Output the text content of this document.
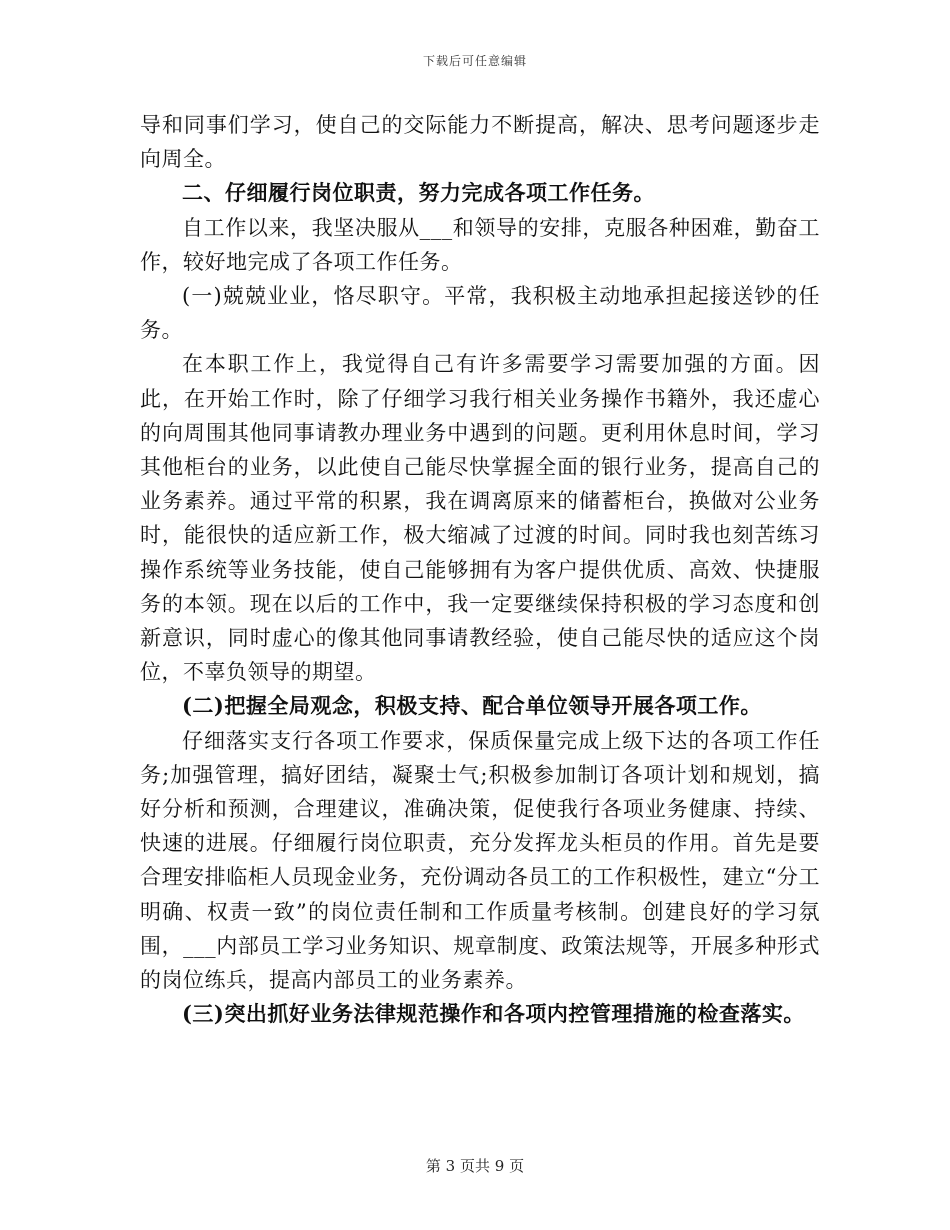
下载后可任意编辑

导和同事们学习，使自己的交际能力不断提高，解决、思考问题逐步走向周全。

二、仔细履行岗位职责，努力完成各项工作任务。

自工作以来，我坚决服从___和领导的安排，克服各种困难，勤奋工作，较好地完成了各项工作任务。

(一)兢兢业业，恪尽职守。平常，我积极主动地承担起接送钞的任务。

在本职工作上，我觉得自己有许多需要学习需要加强的方面。因此，在开始工作时，除了仔细学习我行相关业务操作书籍外，我还虚心的向周围其他同事请教办理业务中遇到的问题。更利用休息时间，学习其他柜台的业务，以此使自己能尽快掌握全面的银行业务，提高自己的业务素养。通过平常的积累，我在调离原来的储蓄柜台，换做对公业务时，能很快的适应新工作，极大缩减了过渡的时间。同时我也刻苦练习操作系统等业务技能，使自己能够拥有为客户提供优质、高效、快捷服务的本领。现在以后的工作中，我一定要继续保持积极的学习态度和创新意识，同时虚心的像其他同事请教经验，使自己能尽快的适应这个岗位，不辜负领导的期望。

(二)把握全局观念，积极支持、配合单位领导开展各项工作。

仔细落实支行各项工作要求，保质保量完成上级下达的各项工作任务;加强管理，搞好团结，凝聚士气;积极参加制订各项计划和规划，搞好分析和预测，合理建议，准确决策，促使我行各项业务健康、持续、快速的进展。仔细履行岗位职责，充分发挥龙头柜员的作用。首先是要合理安排临柜人员现金业务，充份调动各员工的工作积极性，建立“分工明确、权责一致”的岗位责任制和工作质量考核制。创建良好的学习氛围，___内部员工学习业务知识、规章制度、政策法规等，开展多种形式的岗位练兵，提高内部员工的业务素养。

(三)突出抓好业务法律规范操作和各项内控管理措施的检查落实。

第 3 页共 9 页
